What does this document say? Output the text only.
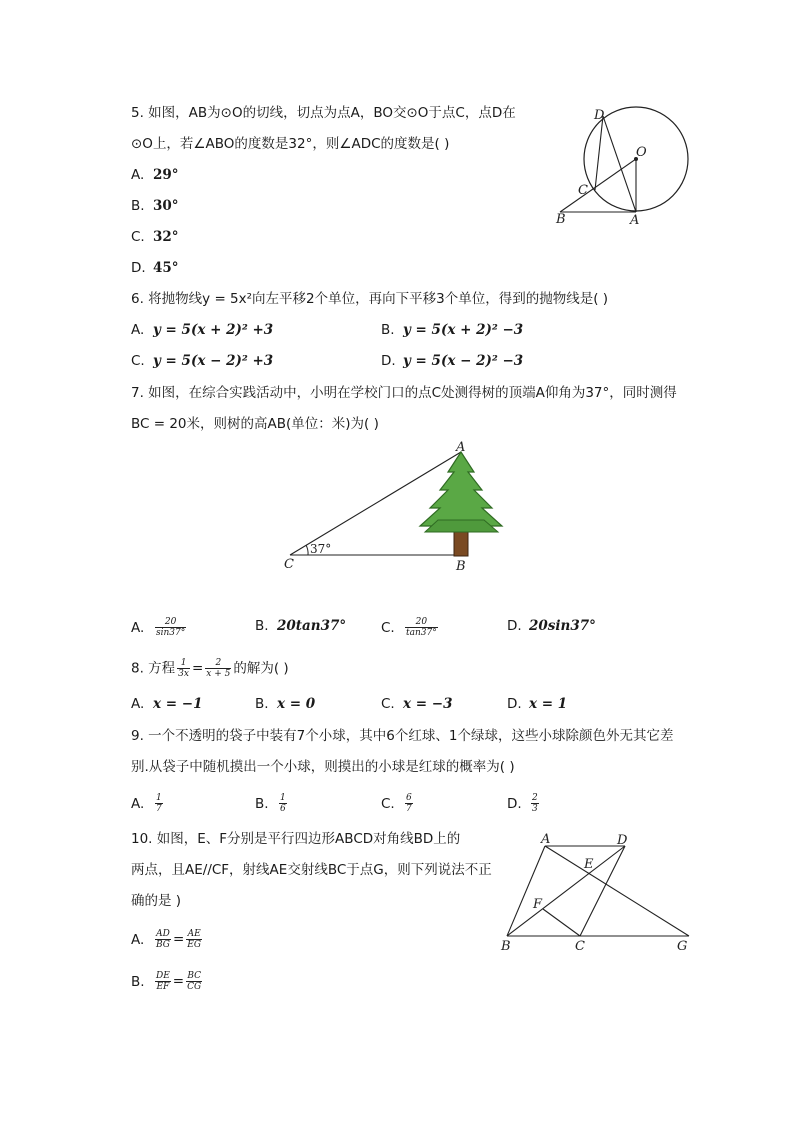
5. 如图，AB为⊙O的切线，切点为点A，BO交⊙O于点C，点D在
⊙O上，若∠ABO的度数是32°，则∠ADC的度数是( )
A. 29°
B. 30°
C. 32°
D. 45°
D
O
C
B	A
6. 将抛物线y = 5x²向左平移2个单位，再向下平移3个单位，得到的抛物线是( )
A. y = 5(x + 2)² +3	B. y = 5(x + 2)² −3
C. y = 5(x − 2)² +3	D. y = 5(x − 2)² −3
7. 如图，在综合实践活动中，小明在学校门口的点C处测得树的顶端A仰角为37°，同时测得
BC = 20米，则树的高AB(单位：米)为( )
37°
A
B
C
A. $\frac{20}{\sin 37^\circ}$	B. 20tan37°	C. $\frac{20}{\tan 37^\circ}$	D. 20sin37°
8. 方程 $\frac{1}{3x} = \frac{2}{x + 5}$ 的解为( )
A. x = −1	B. x = 0	C. x = −3	D. x = 1
9. 一个不透明的袋子中装有7个小球，其中6个红球、1个绿球，这些小球除颜色外无其它差
别.从袋子中随机摸出一个小球，则摸出的小球是红球的概率为( )
A. $\frac{1}{7}$	B. $\frac{1}{6}$	C. $\frac{6}{7}$	D. $\frac{2}{3}$
10. 如图，E、F分别是平行四边形ABCD对角线BD上的
两点，且AE//CF，射线AE交射线BC于点G，则下列说法不正
确的是 )
A. $\frac{AD}{BG} = \frac{AE}{EG}$
B. $\frac{DE}{EF} = \frac{BC}{CG}$
A	D
E
F
B	C	G
